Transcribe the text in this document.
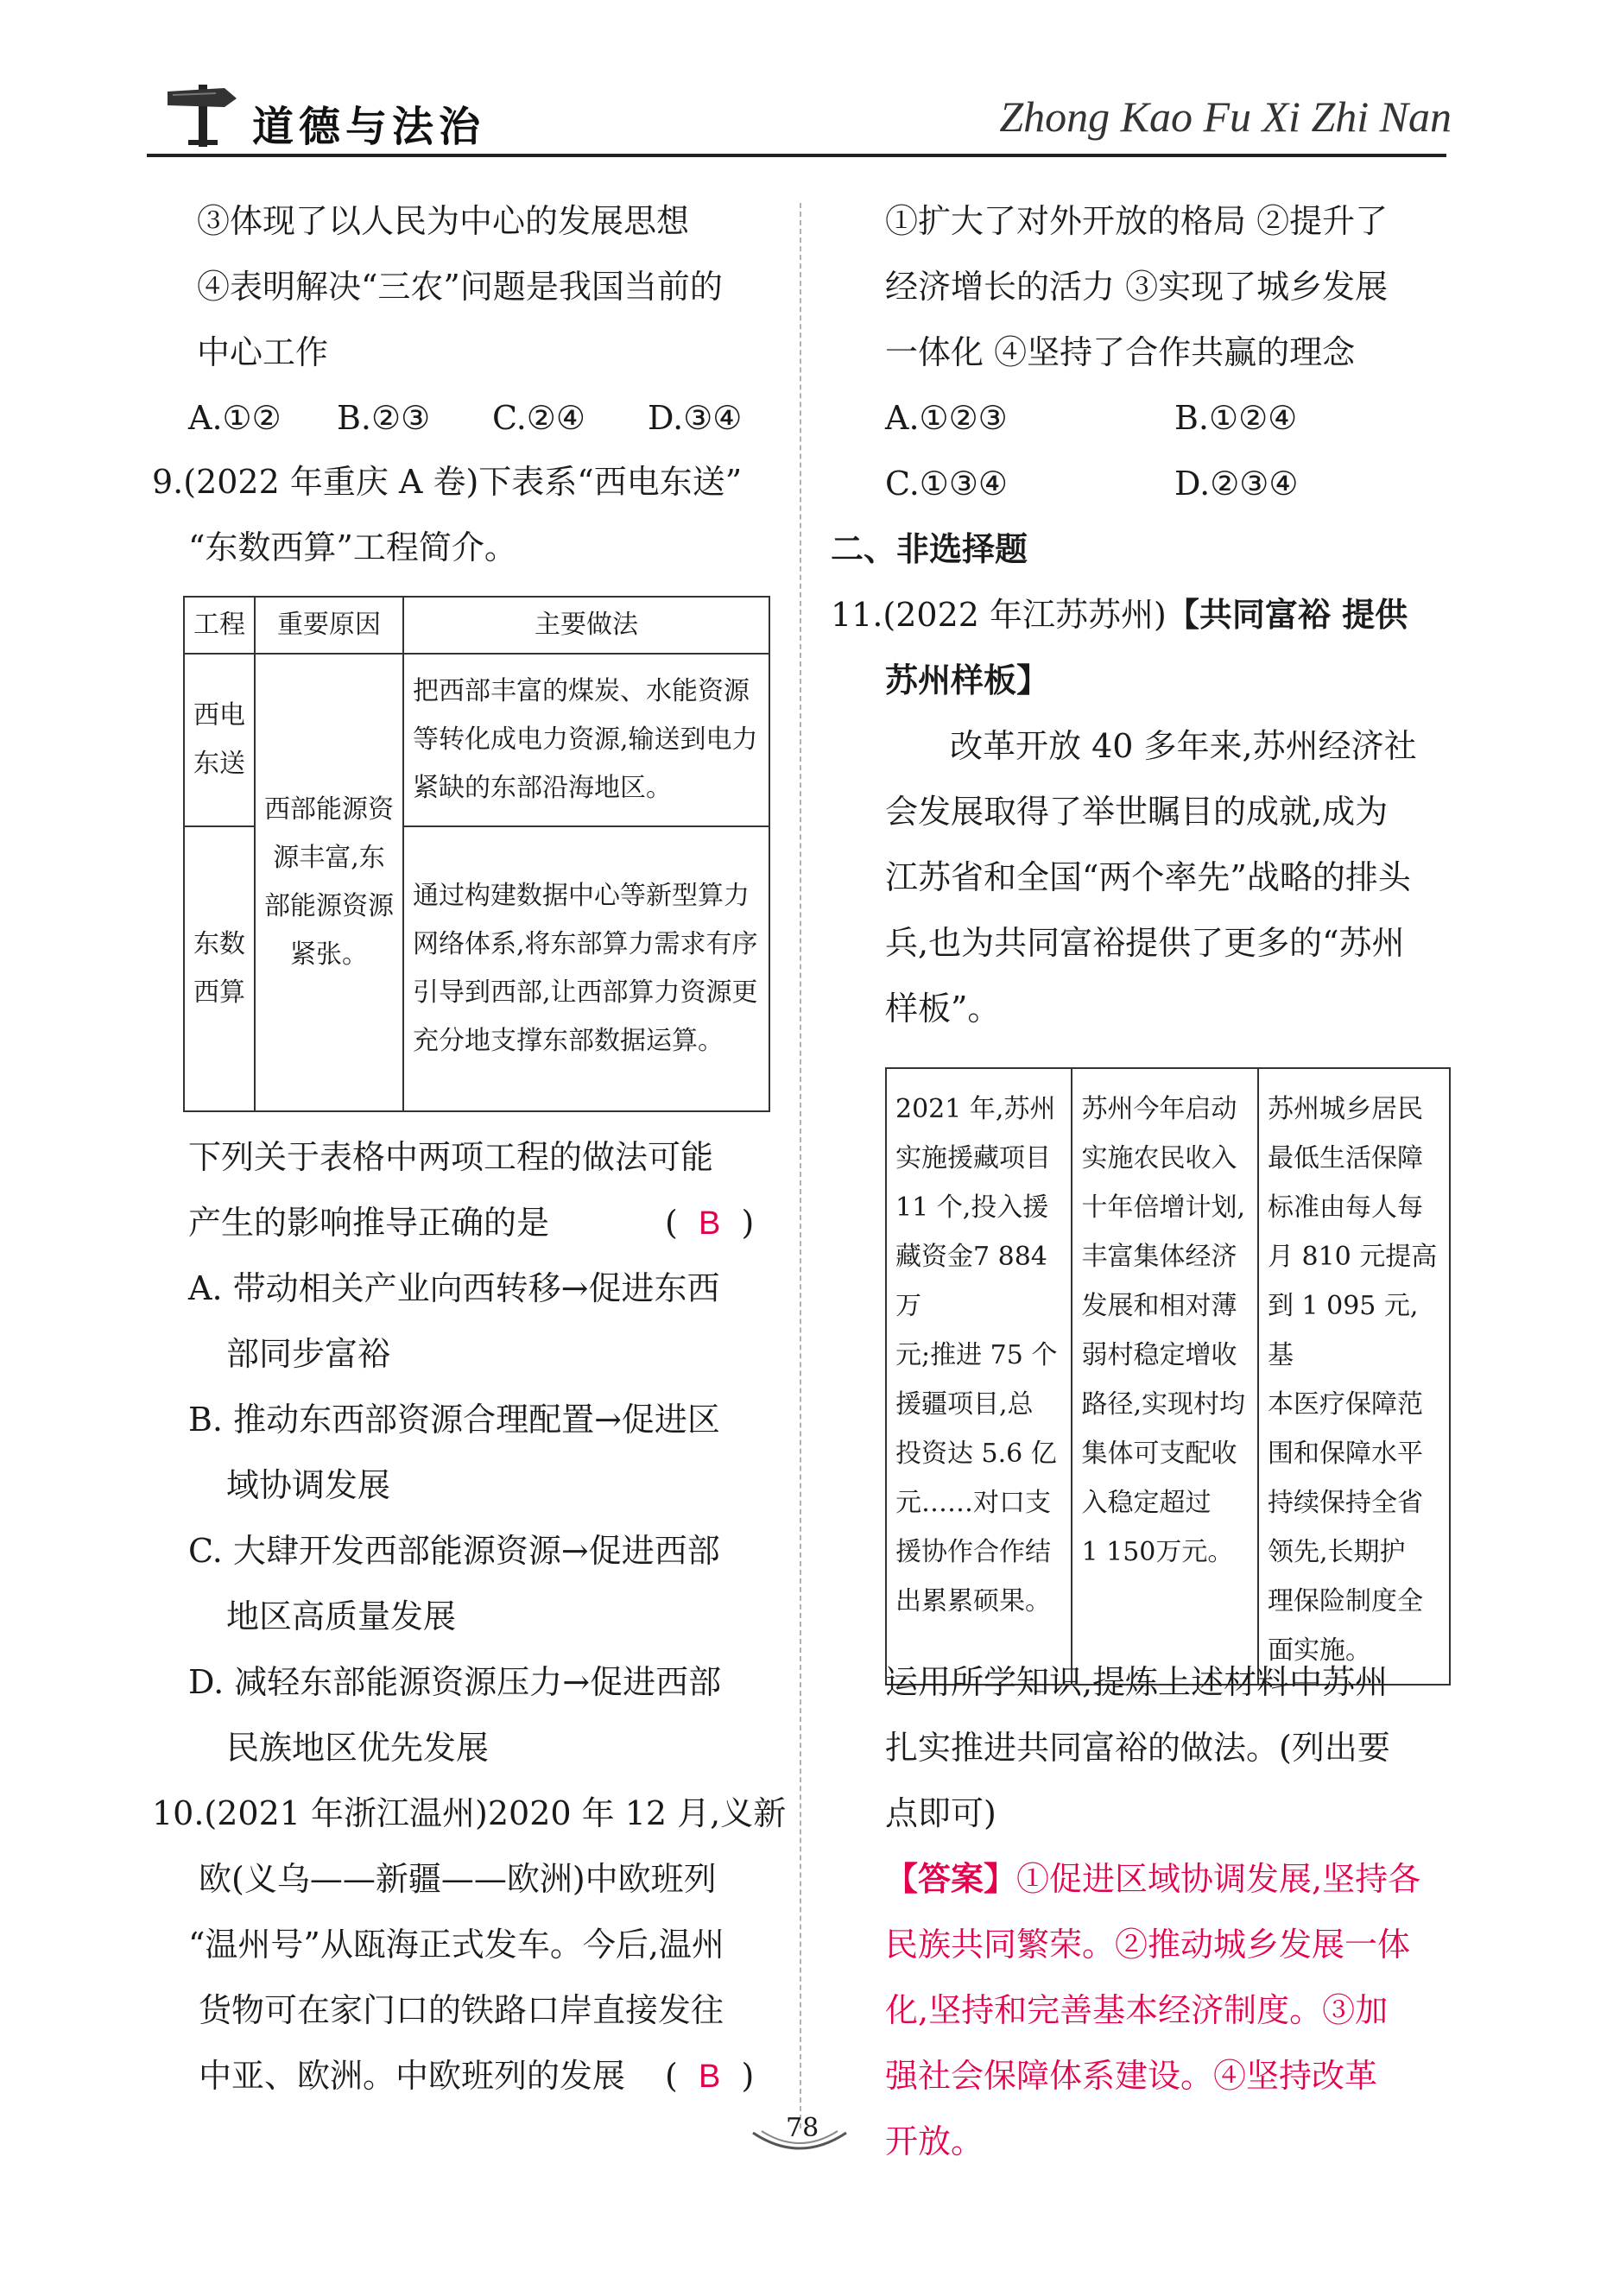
道德与法治	Zhong Kao Fu Xi Zhi Nan
③体现了以人民为中心的发展思想
④表明解决“三农”问题是我国当前的
中心工作
A.①② B.②③ C.②④ D.③④
9.(2022 年重庆 A 卷)下表系“西电东送”
“东数西算”工程简介。
工程	重要原因	主要做法
西电东送	西部能源资源丰富,东部能源资源紧张。	把西部丰富的煤炭、水能资源等转化成电力资源,输送到电力紧缺的东部沿海地区。
东数西算		通过构建数据中心等新型算力网络体系,将东部算力需求有序引导到西部,让西部算力资源更充分地支撑东部数据运算。
下列关于表格中两项工程的做法可能
产生的影响推导正确的是	(  B  )
A. 带动相关产业向西转移→促进东西
部同步富裕
B. 推动东西部资源合理配置→促进区
域协调发展
C. 大肆开发西部能源资源→促进西部
地区高质量发展
D. 减轻东部能源资源压力→促进西部
民族地区优先发展
10.(2021 年浙江温州)2020 年 12 月,义新
欧(义乌——新疆——欧洲)中欧班列
“温州号”从瓯海正式发车。今后,温州
货物可在家门口的铁路口岸直接发往
中亚、欧洲。中欧班列的发展 (  B  )
①扩大了对外开放的格局 ②提升了
经济增长的活力 ③实现了城乡发展
一体化 ④坚持了合作共赢的理念
A.①②③	B.①②④
C.①③④	D.②③④
二、非选择题
11.(2022 年江苏苏州)【共同富裕 提供
苏州样板】
改革开放 40 多年来,苏州经济社
会发展取得了举世瞩目的成就,成为
江苏省和全国“两个率先”战略的排头
兵,也为共同富裕提供了更多的“苏州
样板”。
2021 年,苏州
实施援藏项目
11 个,投入援
藏资金7 884万
元;推进 75 个
援疆项目,总
投资达 5.6 亿
元……对口支
援协作合作结
出累累硕果。	苏州今年启动
实施农民收入
十年倍增计划,
丰富集体经济
发展和相对薄
弱村稳定增收
路径,实现村均
集体可支配收
入稳定超过
1 150万元。	苏州城乡居民
最低生活保障
标准由每人每
月 810 元提高
到 1 095 元,基
本医疗保障范
围和保障水平
持续保持全省
领先,长期护
理保险制度全
面实施。
运用所学知识,提炼上述材料中苏州
扎实推进共同富裕的做法。(列出要
点即可)
【答案】①促进区域协调发展,坚持各
民族共同繁荣。②推动城乡发展一体
化,坚持和完善基本经济制度。③加
强社会保障体系建设。④坚持改革
开放。
78
